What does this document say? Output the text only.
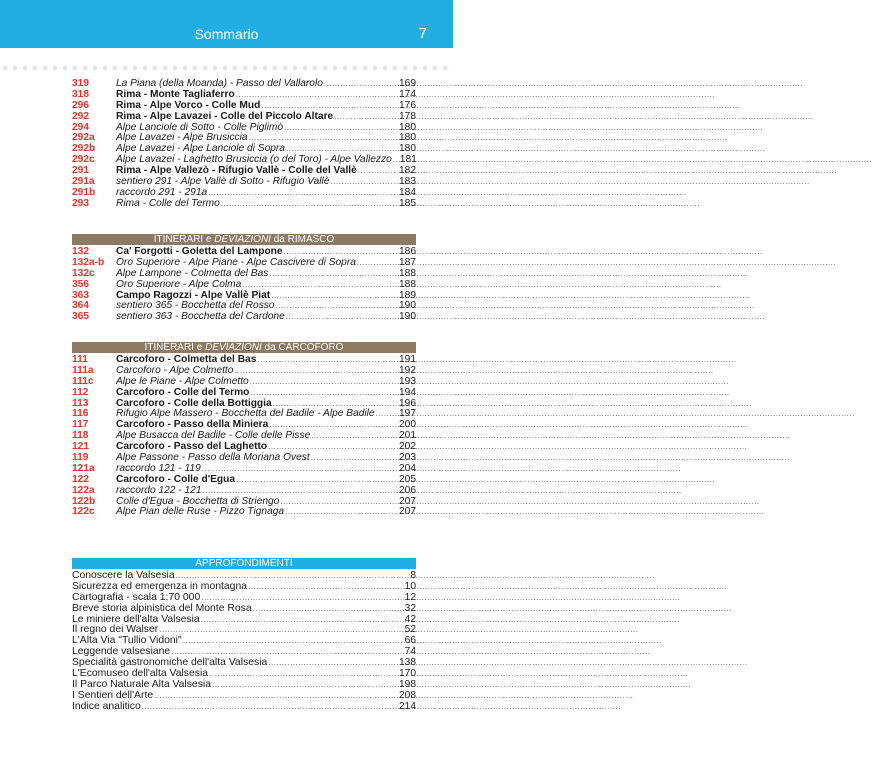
Sommario	7
319	La Piana (della Moanda) - Passo del Vallarolo .....	169
318	Rima - Monte Tagliaferro .....	174
296	Rima - Alpe Vorco - Colle Mud .....	176
292	Rima - Alpe Lavazei - Colle del Piccolo Altare .....	178
294	Alpe Lanciole di Sotto - Colle Piglimò .....	180
292a	Alpe Lavazei - Alpe Brusiccia .....	180
292b	Alpe Lavazei - Alpe Lanciole di Sopra .....	180
292c	Alpe Lavazei - Laghetto Brusiccia (o del Toro) - Alpe Vallezzo ..... 181
291	Rima - Alpe Vallezò - Rifugio Vallè - Colle del Vallè .....	182
291a	sentiero 291 - Alpe Vallè di Sotto - Rifugio Vallè .....	183
291b	raccordo 291 - 291a .....	184
293	Rima - Colle del Termo .....	185
ITINERARI e DEVIAZIONI da RIMASCO
132	Ca' Forgotti - Goletta del Lampone .....	186
132a-b	Oro Superiore - Alpe Piane - Alpe Cascivere di Sopra .....	187
132c	Alpe Lampone - Colmetta del Bas .....	188
356	Oro Superiore - Alpe Colma .....	188
363	Campo Ragozzi - Alpe Vallè Piat .....	189
364	sentiero 365 - Bocchetta del Rosso .....	190
365	sentiero 363 - Bocchetta del Cardone .....	190
ITINERARI e DEVIAZIONI da CARCOFORO
111	Carcoforo - Colmetta del Bas .....	191
111a	Carcoforo - Alpe Colmetto .....	192
111c	Alpe le Piane - Alpe Colmetto .....	193
112	Carcoforo - Colle del Termo .....	194
113	Carcoforo - Colle della Bottiggia .....	196
116	Rifugio Alpe Massero - Bocchetta del Badile - Alpe Badile ..... 197
117	Carcoforo - Passo della Miniera .....	200
118	Alpe Busacca del Badile - Colle delle Pisse .....	201
121	Carcoforo - Passo del Laghetto .....	202
119	Alpe Passone - Passo della Moriana Ovest .....	203
121a	raccordo 121 - 119 .....	204
122	Carcoforo - Colle d'Egua .....	205
122a	raccordo 122 - 121 .....	206
122b	Colle d'Egua - Bocchetta di Striengo .....	207
122c	Alpe Pian delle Ruse - Pizzo Tignaga .....	207
APPROFONDIMENTI
Conoscere la Valsesia .....	8
Sicurezza ed emergenza in montagna .....	10
Cartografia - scala 1:70 000 .....	12
Breve storia alpinistica del Monte Rosa .....	32
Le miniere dell'alta Valsesia .....	42
Il regno dei Walser .....	52
L'Alta Via "Tullio Vidoni" .....	66
Leggende valsesiane .....	74
Specialità gastronomiche dell'alta Valsesia .....	138
L'Ecomuseo dell'alta Valsesia .....	170
Il Parco Naturale Alta Valsesia .....	198
I Sentieri dell'Arte .....	208
Indice analitico .....	214
